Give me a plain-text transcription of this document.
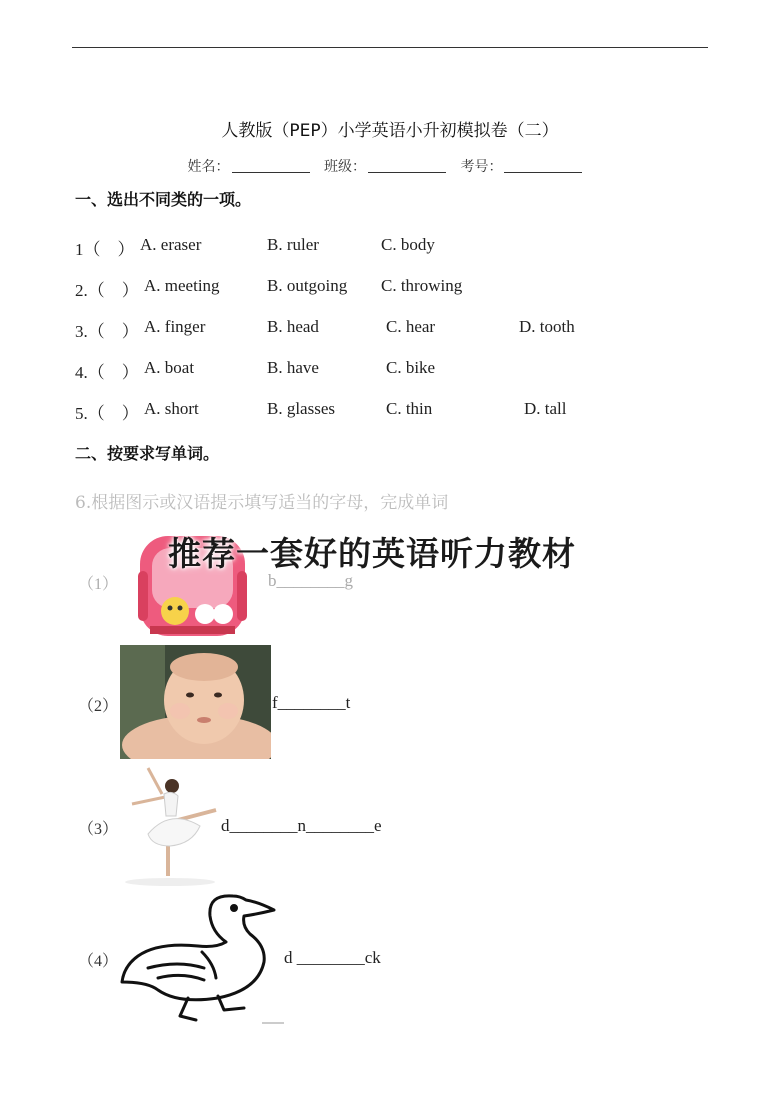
人教版（PEP）小学英语小升初模拟卷（二）
姓名：	班级：	考号：
一、选出不同类的一项。
1（　） A. eraser	B. ruler	C. body
2.（　） A. meeting	B. outgoing C. throwing
3.（　） A. finger	B. head	C. hear	D. tooth
4.（　） A. boat	B. have	C. bike
5.（　） A. short	B. glasses	C. thin	D. tall
二、按要求写单词。
6.根据图示或汉语提示填写适当的字母，完成单词
（1）	b________g
（2）	f________t
（3）	d________n________e
（4）	d ________ck
推荐一套好的英语听力教材
